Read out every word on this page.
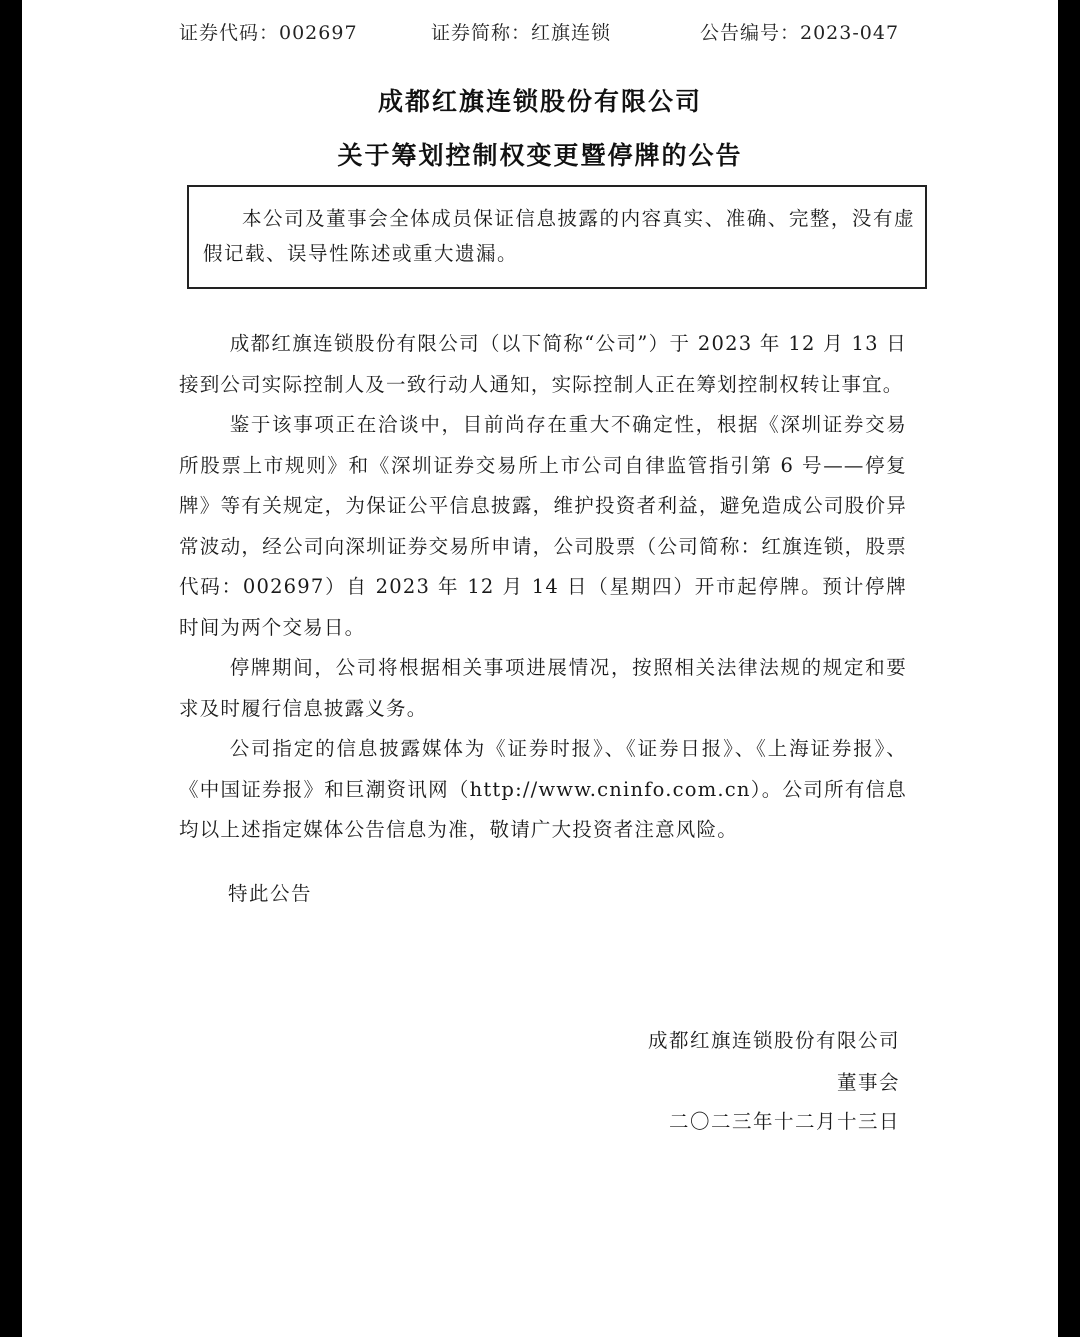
证券代码：002697	证券简称：红旗连锁	公告编号：2023-047
成都红旗连锁股份有限公司
关于筹划控制权变更暨停牌的公告
本公司及董事会全体成员保证信息披露的内容真实、准确、完整，没有虚假记载、误导性陈述或重大遗漏。

成都红旗连锁股份有限公司（以下简称“公司”）于 2023 年 12 月 13 日接到公司实际控制人及一致行动人通知，实际控制人正在筹划控制权转让事宜。

鉴于该事项正在洽谈中，目前尚存在重大不确定性，根据《深圳证券交易所股票上市规则》和《深圳证券交易所上市公司自律监管指引第 6 号——停复牌》等有关规定，为保证公平信息披露，维护投资者利益，避免造成公司股价异常波动，经公司向深圳证券交易所申请，公司股票（公司简称：红旗连锁，股票代码：002697）自 2023 年 12 月 14 日（星期四）开市起停牌。预计停牌时间为两个交易日。

停牌期间，公司将根据相关事项进展情况，按照相关法律法规的规定和要求及时履行信息披露义务。

公司指定的信息披露媒体为《证券时报》、《证券日报》、《上海证券报》、《中国证券报》和巨潮资讯网（http://www.cninfo.com.cn）。公司所有信息均以上述指定媒体公告信息为准，敬请广大投资者注意风险。

特此公告
成都红旗连锁股份有限公司
董事会
二〇二三年十二月十三日
